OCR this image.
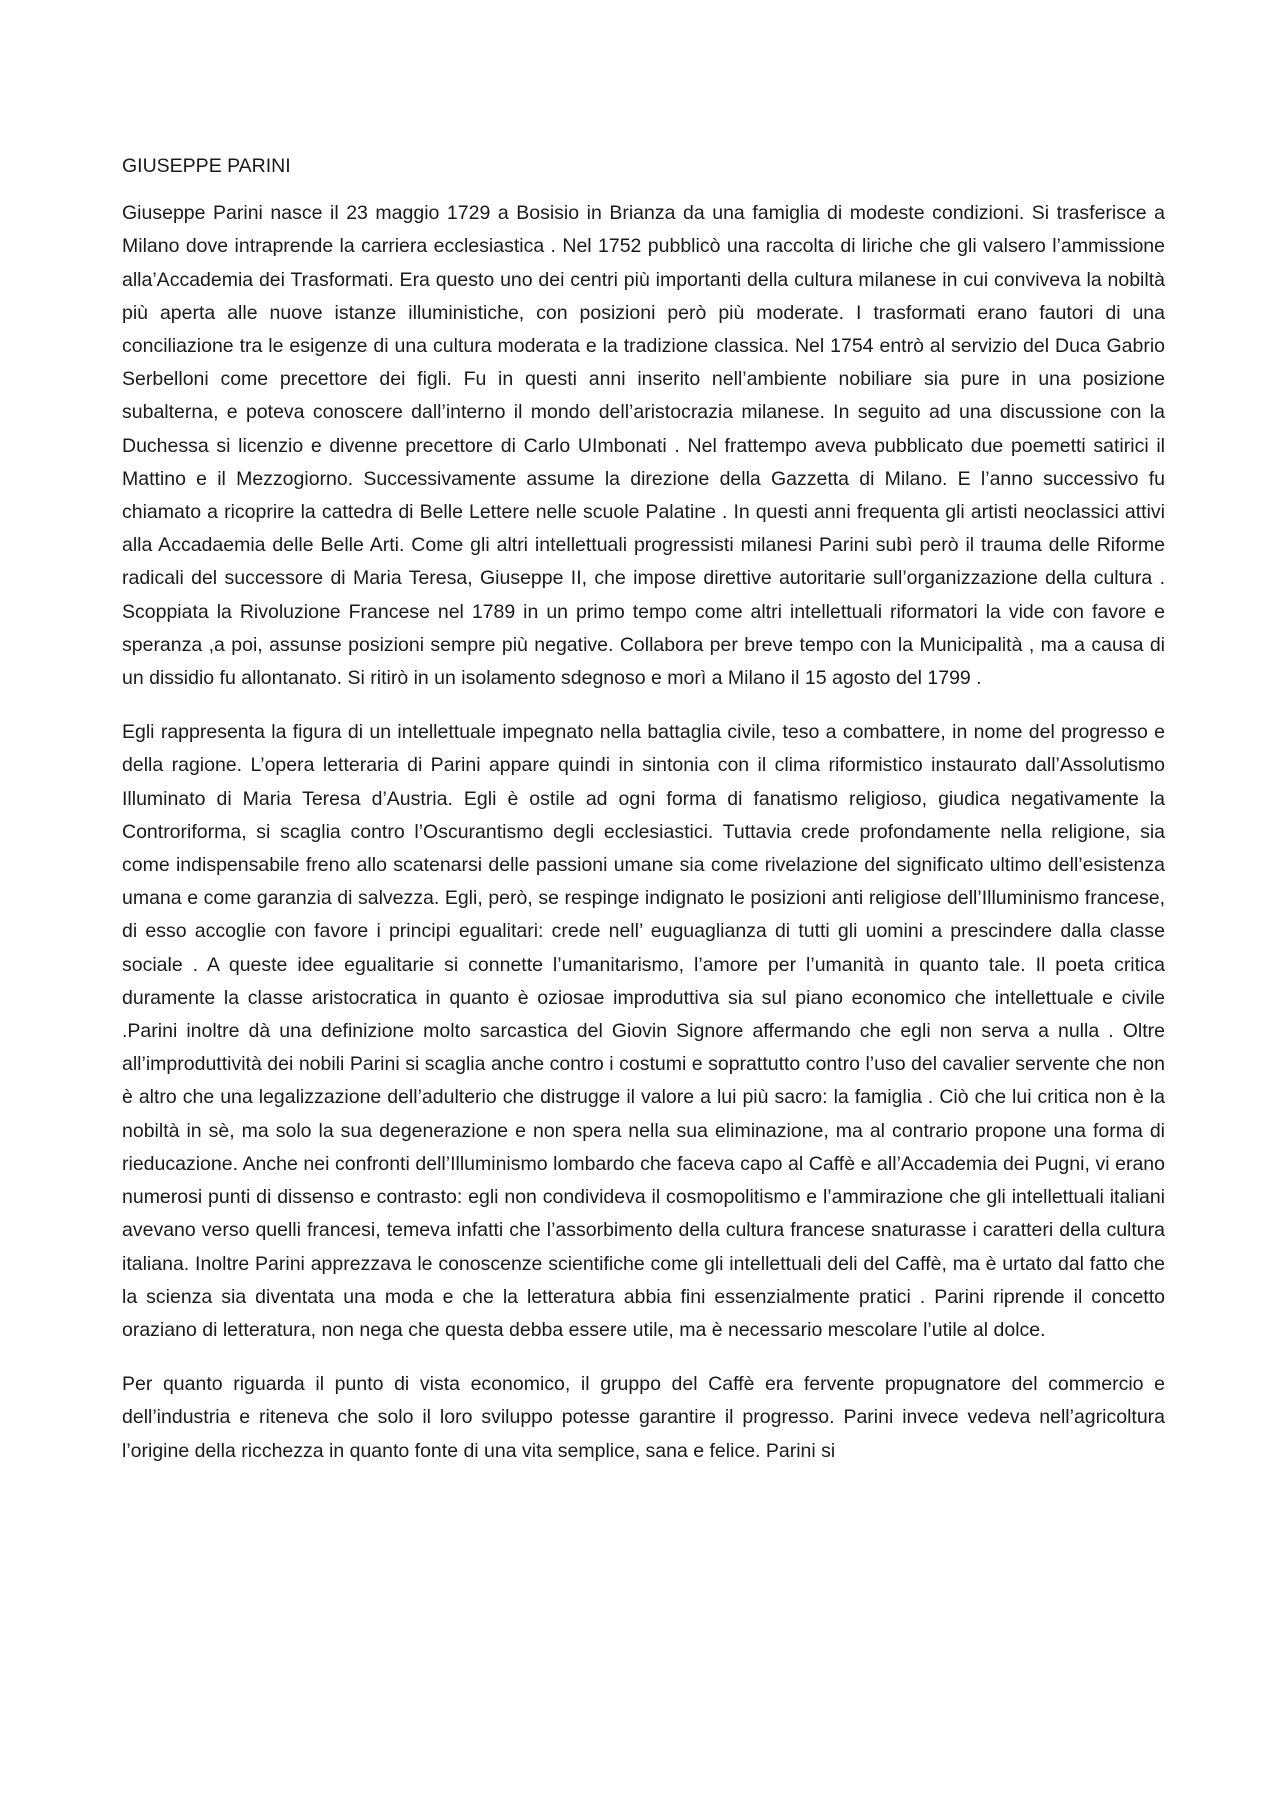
GIUSEPPE PARINI

Giuseppe Parini nasce il 23 maggio 1729 a Bosisio in Brianza da una famiglia di modeste condizioni. Si trasferisce a Milano dove intraprende la carriera ecclesiastica . Nel 1752 pubblicò una raccolta di liriche che gli valsero l’ammissione alla’Accademia dei Trasformati. Era questo uno dei centri più importanti della cultura milanese in cui conviveva la nobiltà più aperta alle nuove istanze illuministiche, con posizioni però più moderate. I trasformati erano fautori di una conciliazione tra le esigenze di una cultura moderata e la tradizione classica. Nel 1754 entrò al servizio del Duca Gabrio Serbelloni come precettore dei figli. Fu in questi anni inserito nell’ambiente nobiliare sia pure in una posizione subalterna, e poteva conoscere dall’interno il mondo dell’aristocrazia milanese. In seguito ad una discussione con la Duchessa si licenzio e divenne precettore di Carlo UImbonati . Nel frattempo aveva pubblicato due poemetti satirici il Mattino e il Mezzogiorno. Successivamente assume la direzione della Gazzetta di Milano. E l’anno successivo fu chiamato a ricoprire la cattedra di Belle Lettere nelle scuole Palatine . In questi anni frequenta gli artisti neoclassici attivi alla Accadaemia delle Belle Arti. Come gli altri intellettuali progressisti milanesi Parini subì però il trauma delle Riforme radicali del successore di Maria Teresa, Giuseppe II, che impose direttive autoritarie sull’organizzazione della cultura . Scoppiata la Rivoluzione Francese nel 1789 in un primo tempo come altri intellettuali riformatori la vide con favore e speranza ,a poi, assunse posizioni sempre più negative. Collabora per breve tempo con la Municipalità , ma a causa di un dissidio fu allontanato. Si ritirò in un isolamento sdegnoso e morì a Milano il 15 agosto del 1799 .

Egli rappresenta la figura di un intellettuale impegnato nella battaglia civile, teso a combattere, in nome del progresso e della ragione. L’opera letteraria di Parini appare quindi in sintonia con il clima riformistico instaurato dall’Assolutismo Illuminato di Maria Teresa d’Austria. Egli è ostile ad ogni forma di fanatismo religioso, giudica negativamente la Controriforma, si scaglia contro l’Oscurantismo degli ecclesiastici. Tuttavia crede profondamente nella religione, sia come indispensabile freno allo scatenarsi delle passioni umane sia come rivelazione del significato ultimo dell’esistenza umana e come garanzia di salvezza. Egli, però, se respinge indignato le posizioni anti religiose dell’Illuminismo francese, di esso accoglie con favore i principi egualitari: crede nell’ euguaglianza di tutti gli uomini a prescindere dalla classe sociale . A queste idee egualitarie si connette l’umanitarismo, l’amore per l’umanità in quanto tale. Il poeta critica duramente la classe aristocratica in quanto è oziosae improduttiva sia sul piano economico che intellettuale e civile .Parini inoltre dà una definizione molto sarcastica del Giovin Signore affermando che egli non serva a nulla . Oltre all’improduttività dei nobili Parini si scaglia anche contro i costumi e soprattutto contro l’uso del cavalier servente che non è altro che una legalizzazione dell’adulterio che distrugge il valore a lui più sacro: la famiglia . Ciò che lui critica non è la nobiltà in sè, ma solo la sua degenerazione e non spera nella sua eliminazione, ma al contrario propone una forma di rieducazione. Anche nei confronti dell’Illuminismo lombardo che faceva capo al Caffè e all’Accademia dei Pugni, vi erano numerosi punti di dissenso e contrasto: egli non condivideva il cosmopolitismo e l’ammirazione che gli intellettuali italiani avevano verso quelli francesi, temeva infatti che l’assorbimento della cultura francese snaturasse i caratteri della cultura italiana. Inoltre Parini apprezzava le conoscenze scientifiche come gli intellettuali deli del Caffè, ma è urtato dal fatto che la scienza sia diventata una moda e che la letteratura abbia fini essenzialmente pratici . Parini riprende il concetto oraziano di letteratura, non nega che questa debba essere utile, ma è necessario mescolare l’utile al dolce.

Per quanto riguarda il punto di vista economico, il gruppo del Caffè era fervente propugnatore del commercio e dell’industria e riteneva che solo il loro sviluppo potesse garantire il progresso. Parini invece vedeva nell’agricoltura l’origine della ricchezza in quanto fonte di una vita semplice, sana e felice. Parini si
